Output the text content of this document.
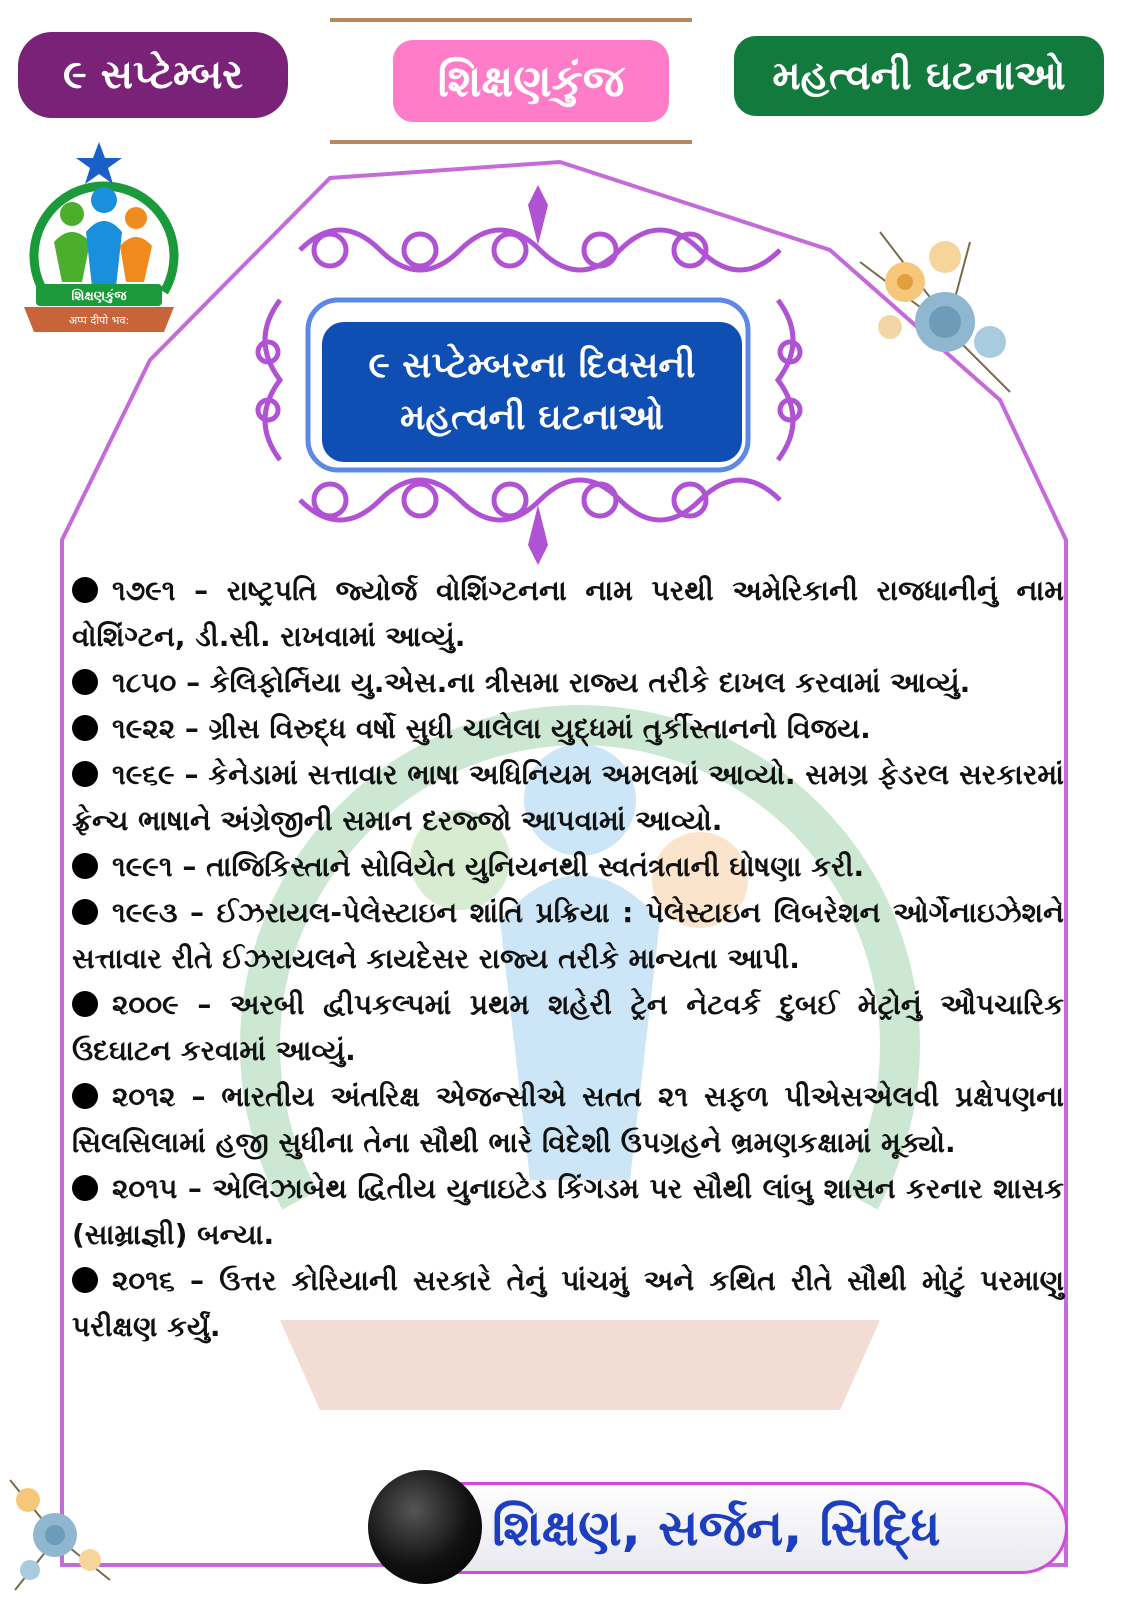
૯ સપ્ટેમ્બર	શિક્ષણકુંજ	મહત્વની ઘટનાઓ
શિક્ષણકુંજ
अप्प दीपो भव:
૯ સપ્ટેમ્બરના દિવસની
મહત્વની ઘટનાઓ

૧૭૯૧ – રાષ્ટ્રપતિ જ્યોર્જ વોશિંગ્ટનના નામ પરથી અમેરિકાની રાજધાનીનું નામ વોશિંગ્ટન, ડી.સી. રાખવામાં આવ્યું.

૧૮૫૦ – કેલિફોર્નિયા યુ.એસ.ના ત્રીસમા રાજ્ય તરીકે દાખલ કરવામાં આવ્યું.

૧૯૨૨ – ગ્રીસ વિરુદ્ધ વર્ષો સુધી ચાલેલા યુદ્ધમાં તુર્કીસ્તાનનો વિજય.

૧૯૬૯ – કેનેડામાં સત્તાવાર ભાષા અધિનિયમ અમલમાં આવ્યો. સમગ્ર ફેડરલ સરકારમાં ફ્રેન્ચ ભાષાને અંગ્રેજીની સમાન દરજ્જો આપવામાં આવ્યો.

૧૯૯૧ – તાજિકિસ્તાને સોવિયેત યુનિયનથી સ્વતંત્રતાની ઘોષણા કરી.

૧૯૯૩ – ઈઝરાયલ-પેલેસ્ટાઇન શાંતિ પ્રક્રિયા : પેલેસ્ટાઇન લિબરેશન ઓર્ગેનાઇઝેશને સત્તાવાર રીતે ઈઝરાયલને કાયદેસર રાજ્ય તરીકે માન્યતા આપી.

૨૦૦૯ – અરબી દ્વીપકલ્પમાં પ્રથમ શહેરી ટ્રેન નેટવર્ક દુબઈ મેટ્રોનું ઔપચારિક ઉદઘાટન કરવામાં આવ્યું.

૨૦૧૨ – ભારતીય અંતરિક્ષ એજન્સીએ સતત ૨૧ સફળ પીએસએલવી પ્રક્ષેપણના સિલસિલામાં હજી સુધીના તેના સૌથી ભારે વિદેશી ઉપગ્રહને ભ્રમણકક્ષામાં મૂક્યો.

૨૦૧૫ – એલિઝાબેથ દ્વિતીય યુનાઇટેડ કિંગડમ પર સૌથી લાંબુ શાસન કરનાર શાસક (સામ્રાજ્ઞી) બન્યા.

૨૦૧૬ – ઉત્તર કોરિયાની સરકારે તેનું પાંચમું અને કથિત રીતે સૌથી મોટું પરમાણુ પરીક્ષણ કર્યું.

શિક્ષણ, સર્જન, સિદ્ધિ
